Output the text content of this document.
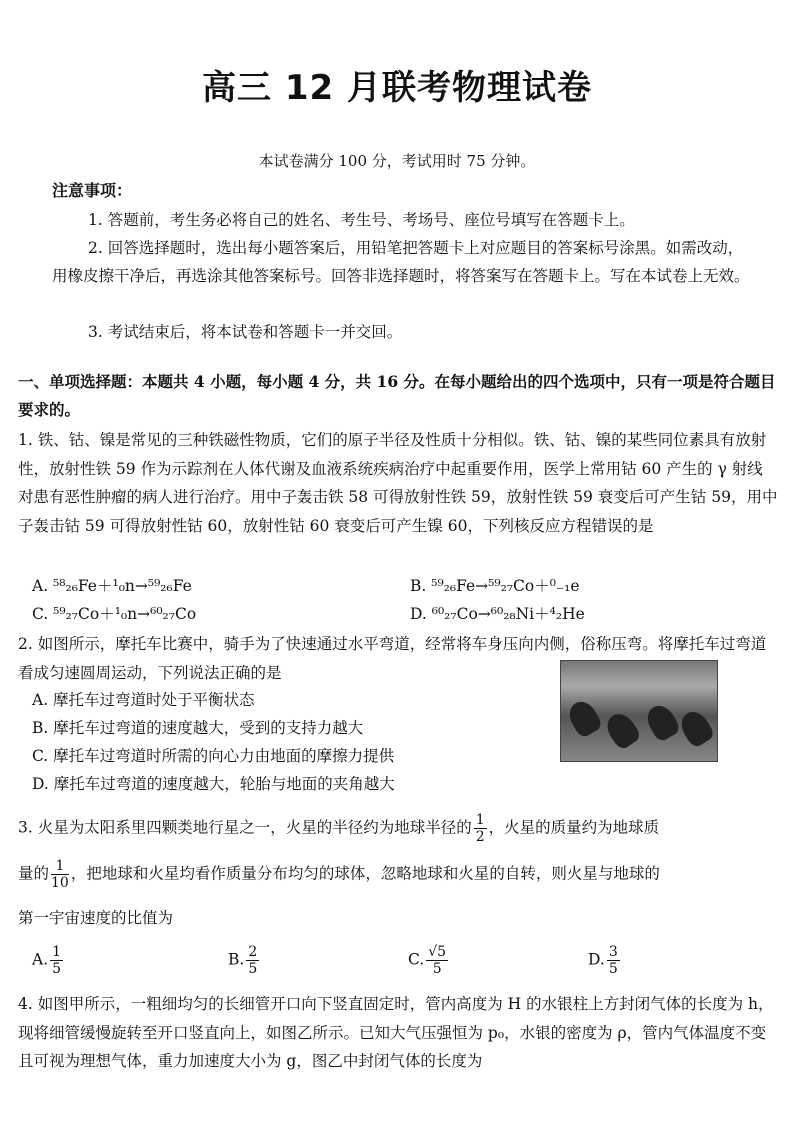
高三 12 月联考物理试卷
本试卷满分 100 分，考试用时 75 分钟。
注意事项：
1. 答题前，考生务必将自己的姓名、考生号、考场号、座位号填写在答题卡上。
2. 回答选择题时，选出每小题答案后，用铅笔把答题卡上对应题目的答案标号涂黑。如需改动，用橡皮擦干净后，再选涂其他答案标号。回答非选择题时，将答案写在答题卡上。写在本试卷上无效。
3. 考试结束后，将本试卷和答题卡一并交回。
一、单项选择题：本题共 4 小题，每小题 4 分，共 16 分。在每小题给出的四个选项中，只有一项是符合题目要求的。
1. 铁、钴、镍是常见的三种铁磁性物质，它们的原子半径及性质十分相似。铁、钴、镍的某些同位素具有放射性，放射性铁 59 作为示踪剂在人体代谢及血液系统疾病治疗中起重要作用，医学上常用钴 60 产生的 γ 射线对患有恶性肿瘤的病人进行治疗。用中子轰击铁 58 可得放射性铁 59，放射性铁 59 衰变后可产生钴 59，用中子轰击钴 59 可得放射性钴 60，放射性钴 60 衰变后可产生镍 60，下列核反应方程错误的是
A. ⁵⁸₂₆Fe＋¹₀n→⁵⁹₂₆Fe	B. ⁵⁹₂₆Fe→⁵⁹₂₇Co＋⁰₋₁e
C. ⁵⁹₂₇Co＋¹₀n→⁶⁰₂₇Co	D. ⁶⁰₂₇Co→⁶⁰₂₈Ni＋⁴₂He
2. 如图所示，摩托车比赛中，骑手为了快速通过水平弯道，经常将车身压向内侧，俗称压弯。将摩托车过弯道看成匀速圆周运动，下列说法正确的是
A. 摩托车过弯道时处于平衡状态
B. 摩托车过弯道的速度越大，受到的支持力越大
C. 摩托车过弯道时所需的向心力由地面的摩擦力提供
D. 摩托车过弯道的速度越大，轮胎与地面的夹角越大
3. 火星为太阳系里四颗类地行星之一，火星的半径约为地球半径的 $\frac{1}{2}$ ，火星的质量约为地球质
量的 $\frac{1}{10}$ ，把地球和火星均看作质量分布均匀的球体，忽略地球和火星的自转，则火星与地球的
第一宇宙速度的比值为
A. $\frac{1}{5}$	B. $\frac{2}{5}$	C. $\frac{√5}{5}$	D. $\frac{3}{5}$
4. 如图甲所示，一粗细均匀的长细管开口向下竖直固定时，管内高度为 H 的水银柱上方封闭气体的长度为 h，现将细管缓慢旋转至开口竖直向上，如图乙所示。已知大气压强恒为 p₀，水银的密度为 ρ，管内气体温度不变且可视为理想气体，重力加速度大小为 g，图乙中封闭气体的长度为
